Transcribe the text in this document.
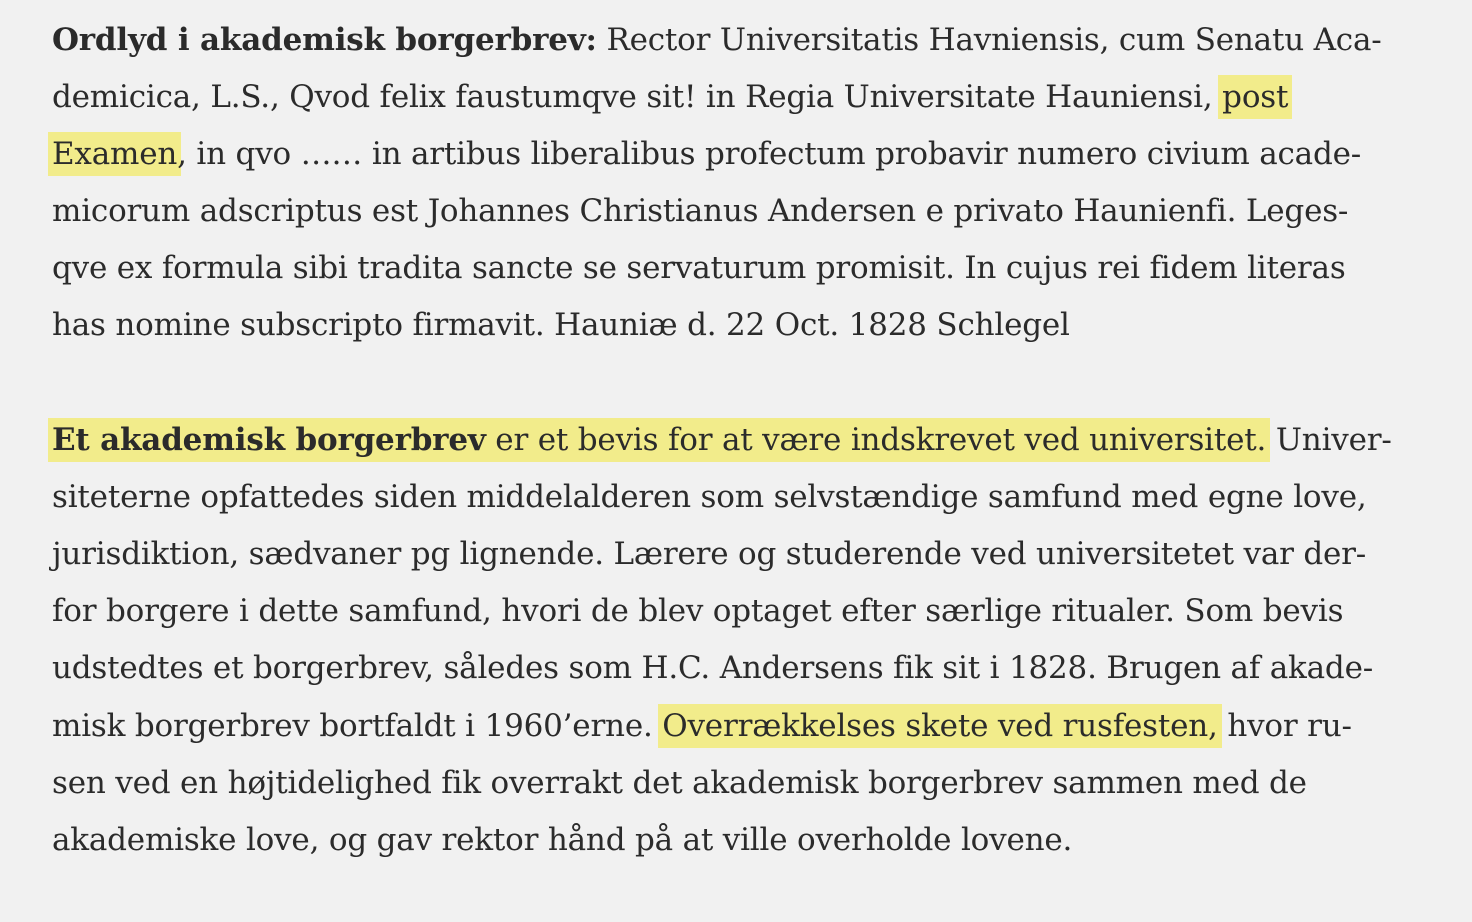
Ordlyd i akademisk borgerbrev: Rector Universitatis Havniensis, cum Senatu Aca-
demicica, L.S., Qvod felix faustumqve sit! in Regia Universitate Hauniensi, post
Examen, in qvo …… in artibus liberalibus profectum probavir numero civium acade-
micorum adscriptus est Johannes Christianus Andersen e privato Haunienfi. Leges-
qve ex formula sibi tradita sancte se servaturum promisit. In cujus rei fidem literas
has nomine subscripto firmavit. Hauniæ d. 22 Oct. 1828 Schlegel
Et akademisk borgerbrev er et bevis for at være indskrevet ved universitet. Univer-
siteterne opfattedes siden middelalderen som selvstændige samfund med egne love,
jurisdiktion, sædvaner pg lignende. Lærere og studerende ved universitetet var der-
for borgere i dette samfund, hvori de blev optaget efter særlige ritualer. Som bevis
udstedtes et borgerbrev, således som H.C. Andersens fik sit i 1828. Brugen af akade-
misk borgerbrev bortfaldt i 1960’erne. Overrækkelses skete ved rusfesten, hvor ru-
sen ved en højtidelighed fik overrakt det akademisk borgerbrev sammen med de
akademiske love, og gav rektor hånd på at ville overholde lovene.
